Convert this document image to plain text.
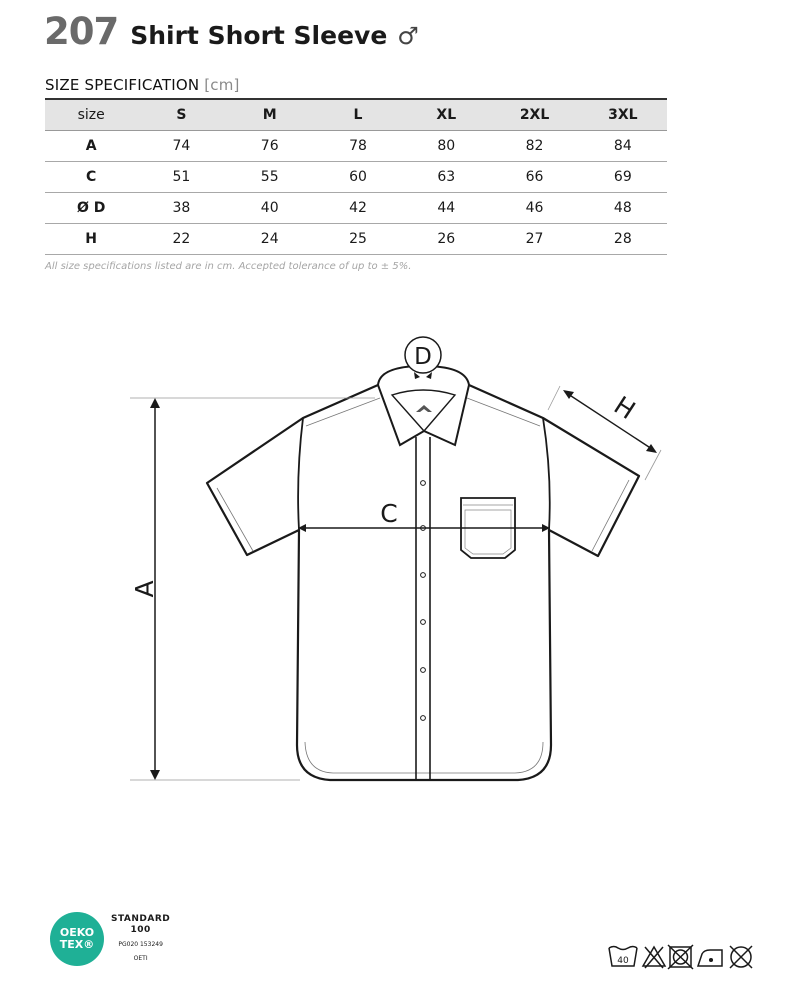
207 Shirt Short Sleeve ♂
SIZE SPECIFICATION [cm]
size	S	M	L	XL	2XL	3XL
A	74	76	78	80	82	84
C	51	55	60	63	66	69
Ø D	38	40	42	44	46	48
H	22	24	25	26	27	28
All size specifications listed are in cm. Accepted tolerance of up to ± 5%.
A
C
D
H
OEKO
TEX®
STANDARD
100
PG020 153249
OETI	40
